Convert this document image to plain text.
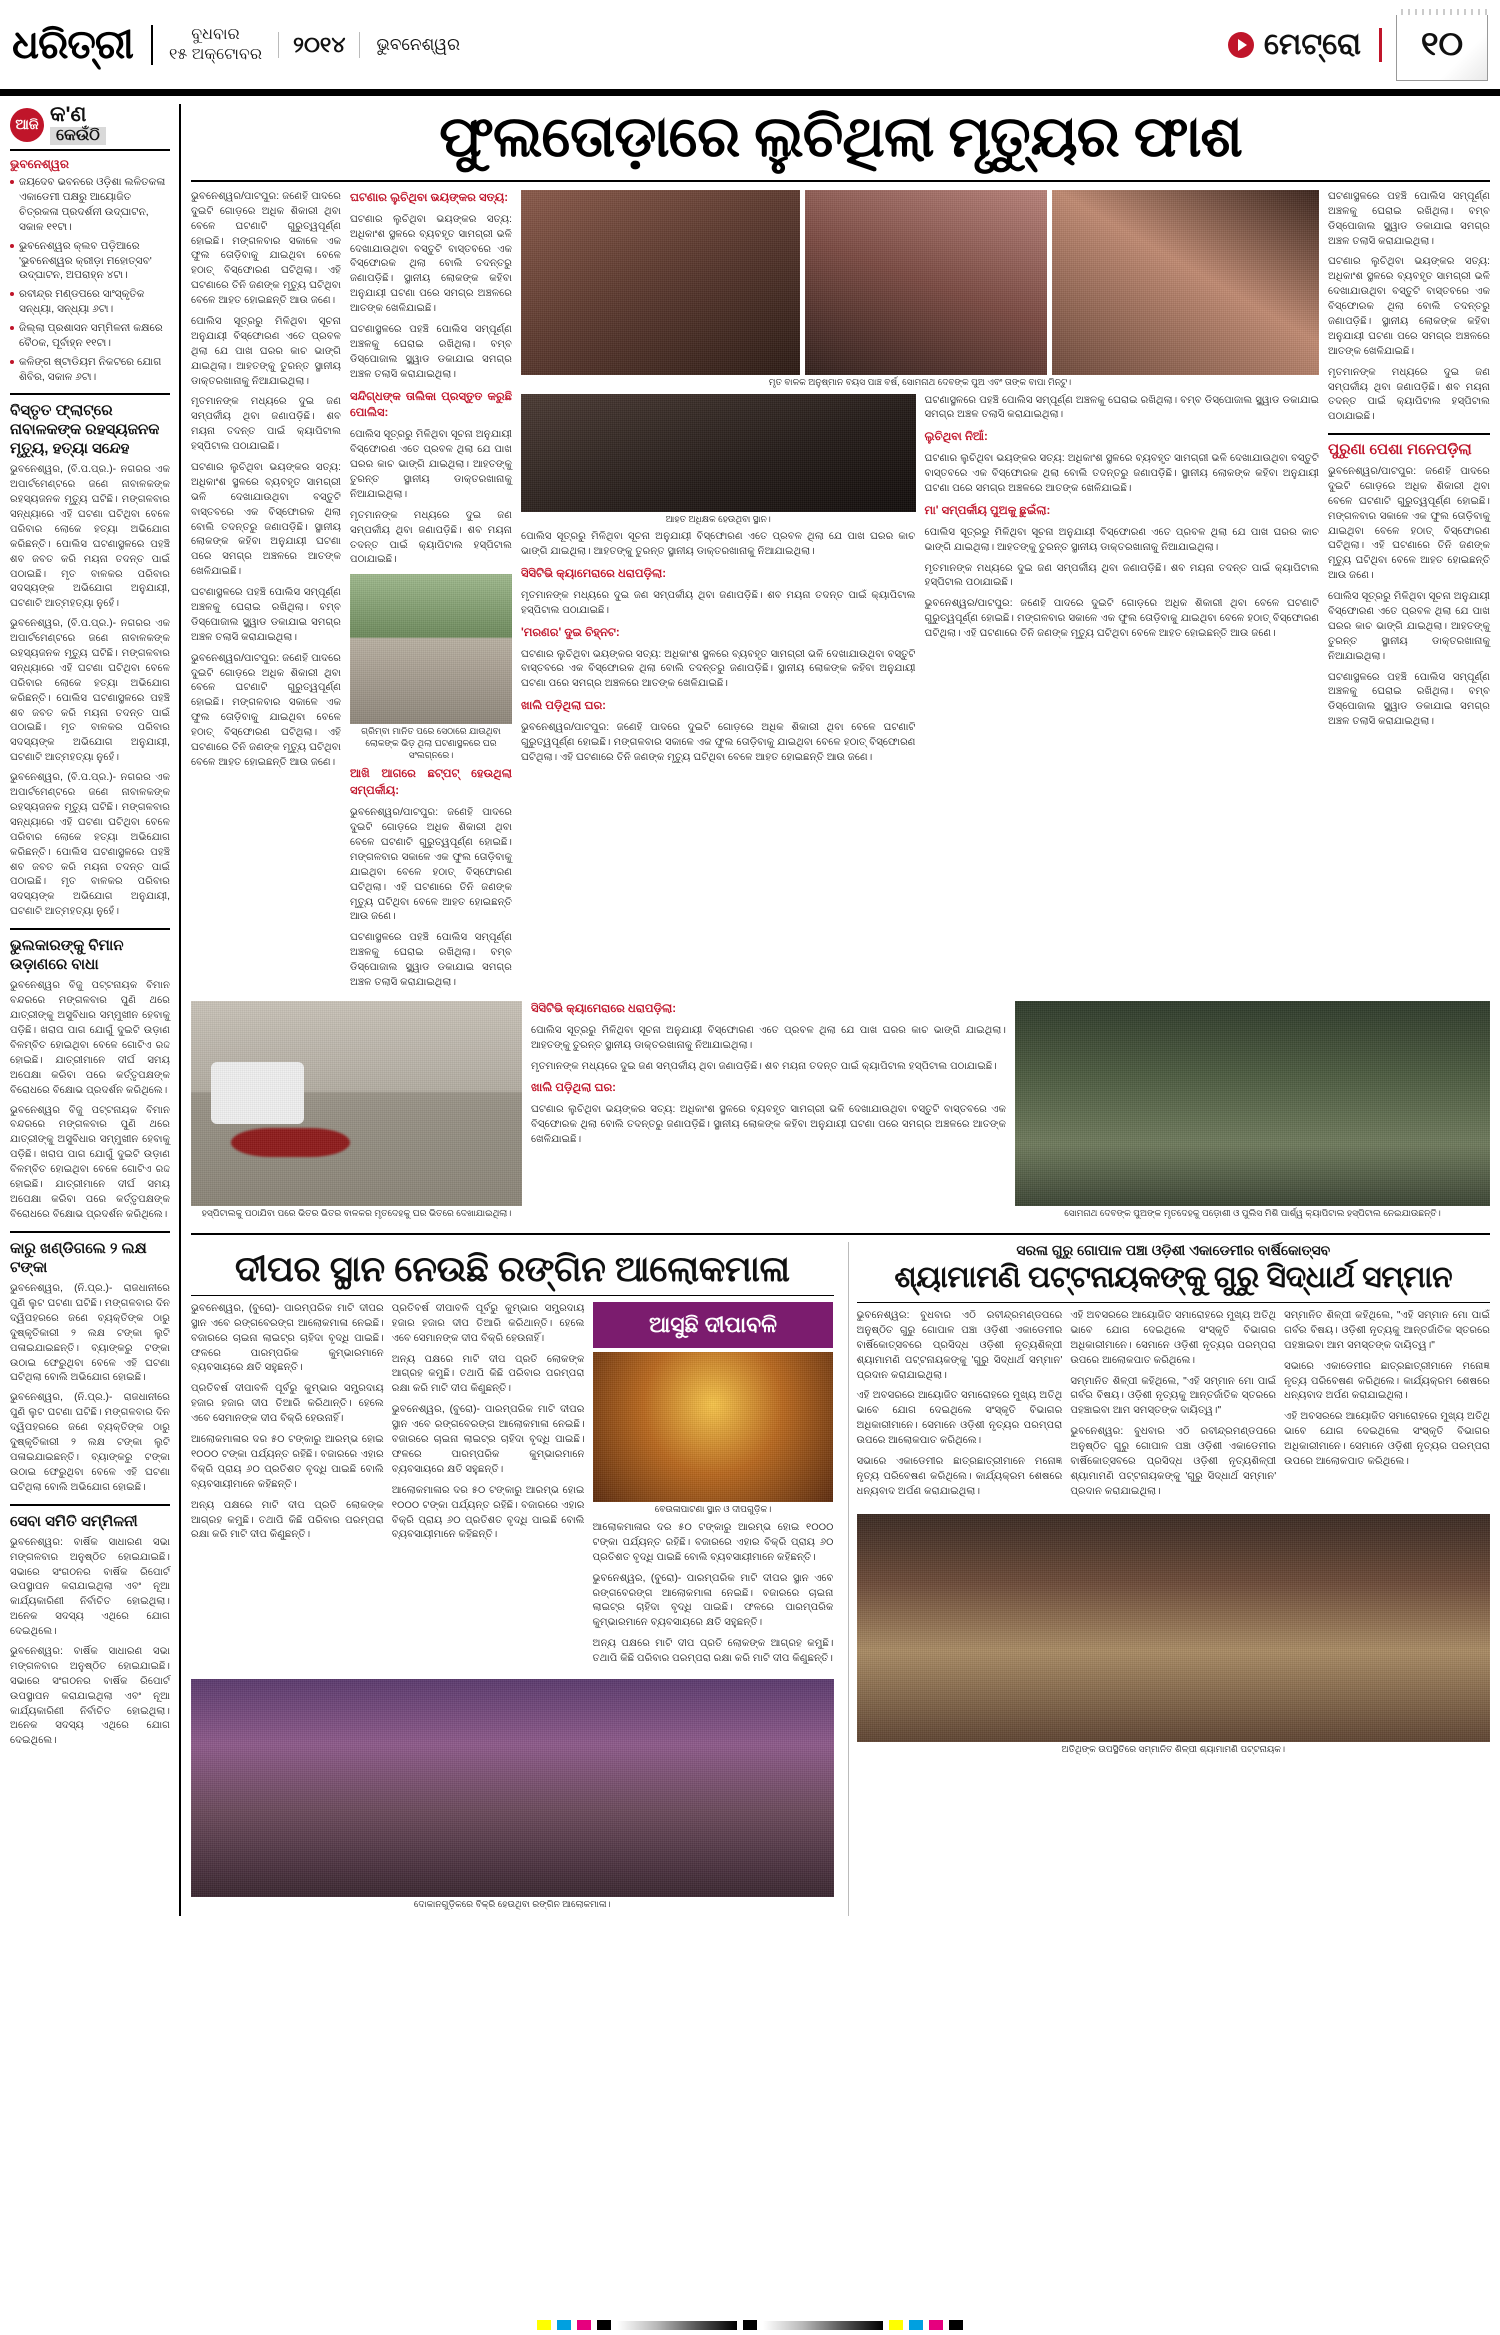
ଧରିତ୍ରୀ	ବୁଧବାର
୧୫ ଅକ୍ଟୋବର	୨୦୧୪	ଭୁବନେଶ୍ୱର	ମେଟ୍ରୋ	୧୦
ଆଜି କ'ଣ
କେଉଁଠି
ଭୁବନେଶ୍ୱର
ଜୟଦେବ ଭବନରେ ଓଡ଼ିଶା ଲଳିତକଳା ଏକାଡେମୀ ପକ୍ଷରୁ ଆୟୋଜିତ ଚିତ୍ରକଳା ପ୍ରଦର୍ଶନୀ ଉଦ୍‌ଘାଟନ, ସକାଳ ୧୧ଟା।
ଭୁବନେଶ୍ୱର କ୍ଲବ ପଡ଼ିଆରେ 'ଭୁବନେଶ୍ୱର କ୍ରୀଡ଼ା ମହୋତ୍ସବ' ଉଦ୍‌ଘାଟନ, ଅପରାହ୍ନ ୪ଟା।
ରବୀନ୍ଦ୍ର ମଣ୍ଡପରେ ସାଂସ୍କୃତିକ ସନ୍ଧ୍ୟା, ସନ୍ଧ୍ୟା ୬ଟା।
ଜିଲ୍ଲା ପ୍ରଶାସନ ସମ୍ମିଳନୀ କକ୍ଷରେ ବୈଠକ, ପୂର୍ବାହ୍ନ ୧୧ଟା।
କଳିଙ୍ଗ ଷ୍ଟାଡିୟମ ନିକଟରେ ଯୋଗ ଶିବିର, ସକାଳ ୬ଟା।
ବିସ୍ତୃତ ଫ୍ଲାଟ୍‌ରେ ନାବାଳକଙ୍କ ରହସ୍ୟଜନକ ମୃତ୍ୟୁ, ହତ୍ୟା ସନ୍ଦେହ

ଭୁବନେଶ୍ୱର, (ବି.ପ.ପ୍ର.)- ନଗରର ଏକ ଅପାର୍ଟମେଣ୍ଟରେ ଜଣେ ନାବାଳକଙ୍କ ରହସ୍ୟଜନକ ମୃତ୍ୟୁ ଘଟିଛି। ମଙ୍ଗଳବାର ସନ୍ଧ୍ୟାରେ ଏହି ଘଟଣା ଘଟିଥିବା ବେଳେ ପରିବାର ଲୋକେ ହତ୍ୟା ଅଭିଯୋଗ କରିଛନ୍ତି। ପୋଲିସ ଘଟଣାସ୍ଥଳରେ ପହଞ୍ଚି ଶବ ଜବତ କରି ମୟନା ତଦନ୍ତ ପାଇଁ ପଠାଇଛି। ମୃତ ବାଳକର ପରିବାର ସଦସ୍ୟଙ୍କ ଅଭିଯୋଗ ଅନୁଯାୟୀ, ଘଟଣାଟି ଆତ୍ମହତ୍ୟା ନୁହେଁ।

ଭୁବନେଶ୍ୱର, (ବି.ପ.ପ୍ର.)- ନଗରର ଏକ ଅପାର୍ଟମେଣ୍ଟରେ ଜଣେ ନାବାଳକଙ୍କ ରହସ୍ୟଜନକ ମୃତ୍ୟୁ ଘଟିଛି। ମଙ୍ଗଳବାର ସନ୍ଧ୍ୟାରେ ଏହି ଘଟଣା ଘଟିଥିବା ବେଳେ ପରିବାର ଲୋକେ ହତ୍ୟା ଅଭିଯୋଗ କରିଛନ୍ତି। ପୋଲିସ ଘଟଣାସ୍ଥଳରେ ପହଞ୍ଚି ଶବ ଜବତ କରି ମୟନା ତଦନ୍ତ ପାଇଁ ପଠାଇଛି। ମୃତ ବାଳକର ପରିବାର ସଦସ୍ୟଙ୍କ ଅଭିଯୋଗ ଅନୁଯାୟୀ, ଘଟଣାଟି ଆତ୍ମହତ୍ୟା ନୁହେଁ।

ଭୁବନେଶ୍ୱର, (ବି.ପ.ପ୍ର.)- ନଗରର ଏକ ଅପାର୍ଟମେଣ୍ଟରେ ଜଣେ ନାବାଳକଙ୍କ ରହସ୍ୟଜନକ ମୃତ୍ୟୁ ଘଟିଛି। ମଙ୍ଗଳବାର ସନ୍ଧ୍ୟାରେ ଏହି ଘଟଣା ଘଟିଥିବା ବେଳେ ପରିବାର ଲୋକେ ହତ୍ୟା ଅଭିଯୋଗ କରିଛନ୍ତି। ପୋଲିସ ଘଟଣାସ୍ଥଳରେ ପହଞ୍ଚି ଶବ ଜବତ କରି ମୟନା ତଦନ୍ତ ପାଇଁ ପଠାଇଛି। ମୃତ ବାଳକର ପରିବାର ସଦସ୍ୟଙ୍କ ଅଭିଯୋଗ ଅନୁଯାୟୀ, ଘଟଣାଟି ଆତ୍ମହତ୍ୟା ନୁହେଁ।

ଭୁଲକାରଙ୍କୁ ବିମାନ ଉଡ଼ାଣରେ ବାଧା

ଭୁବନେଶ୍ୱର ବିଜୁ ପଟ୍ଟନାୟକ ବିମାନ ବନ୍ଦରରେ ମଙ୍ଗଳବାର ପୁଣି ଥରେ ଯାତ୍ରୀଙ୍କୁ ଅସୁବିଧାର ସମ୍ମୁଖୀନ ହେବାକୁ ପଡ଼ିଛି। ଖରାପ ପାଗ ଯୋଗୁଁ ଦୁଇଟି ଉଡ଼ାଣ ବିଳମ୍ବିତ ହୋଇଥିବା ବେଳେ ଗୋଟିଏ ରଦ୍ଦ ହୋଇଛି। ଯାତ୍ରୀମାନେ ଦୀର୍ଘ ସମୟ ଅପେକ୍ଷା କରିବା ପରେ କର୍ତ୍ତୃପକ୍ଷଙ୍କ ବିରୋଧରେ ବିକ୍ଷୋଭ ପ୍ରଦର୍ଶନ କରିଥିଲେ।

ଭୁବନେଶ୍ୱର ବିଜୁ ପଟ୍ଟନାୟକ ବିମାନ ବନ୍ଦରରେ ମଙ୍ଗଳବାର ପୁଣି ଥରେ ଯାତ୍ରୀଙ୍କୁ ଅସୁବିଧାର ସମ୍ମୁଖୀନ ହେବାକୁ ପଡ଼ିଛି। ଖରାପ ପାଗ ଯୋଗୁଁ ଦୁଇଟି ଉଡ଼ାଣ ବିଳମ୍ବିତ ହୋଇଥିବା ବେଳେ ଗୋଟିଏ ରଦ୍ଦ ହୋଇଛି। ଯାତ୍ରୀମାନେ ଦୀର୍ଘ ସମୟ ଅପେକ୍ଷା କରିବା ପରେ କର୍ତ୍ତୃପକ୍ଷଙ୍କ ବିରୋଧରେ ବିକ୍ଷୋଭ ପ୍ରଦର୍ଶନ କରିଥିଲେ।

କାରୁ ଖଣ୍ଡିଗଲେ ୨ ଲକ୍ଷ ଟଙ୍କା

ଭୁବନେଶ୍ୱର, (ନି.ପ୍ର.)- ରାଜଧାନୀରେ ପୁଣି ଲୁଟ ଘଟଣା ଘଟିଛି। ମଙ୍ଗଳବାର ଦିନ ଦ୍ୱିପହରରେ ଜଣେ ବ୍ୟକ୍ତିଙ୍କ ଠାରୁ ଦୁଷ୍କୃତିକାରୀ ୨ ଲକ୍ଷ ଟଙ୍କା ଲୁଟି ପଳାଇଯାଇଛନ୍ତି। ବ୍ୟାଙ୍କରୁ ଟଙ୍କା ଉଠାଇ ଫେରୁଥିବା ବେଳେ ଏହି ଘଟଣା ଘଟିଥିଲା ବୋଲି ଅଭିଯୋଗ ହୋଇଛି।

ଭୁବନେଶ୍ୱର, (ନି.ପ୍ର.)- ରାଜଧାନୀରେ ପୁଣି ଲୁଟ ଘଟଣା ଘଟିଛି। ମଙ୍ଗଳବାର ଦିନ ଦ୍ୱିପହରରେ ଜଣେ ବ୍ୟକ୍ତିଙ୍କ ଠାରୁ ଦୁଷ୍କୃତିକାରୀ ୨ ଲକ୍ଷ ଟଙ୍କା ଲୁଟି ପଳାଇଯାଇଛନ୍ତି। ବ୍ୟାଙ୍କରୁ ଟଙ୍କା ଉଠାଇ ଫେରୁଥିବା ବେଳେ ଏହି ଘଟଣା ଘଟିଥିଲା ବୋଲି ଅଭିଯୋଗ ହୋଇଛି।

ସେବା ସମିତି ସମ୍ମିଳନୀ

ଭୁବନେଶ୍ୱର: ବାର୍ଷିକ ସାଧାରଣ ସଭା ମଙ୍ଗଳବାର ଅନୁଷ୍ଠିତ ହୋଇଯାଇଛି। ସଭାରେ ସଂଗଠନର ବାର୍ଷିକ ରିପୋର୍ଟ ଉପସ୍ଥାପନ କରାଯାଇଥିଲା ଏବଂ ନୂଆ କାର୍ଯ୍ୟକାରିଣୀ ନିର୍ବାଚିତ ହୋଇଥିଲା। ଅନେକ ସଦସ୍ୟ ଏଥିରେ ଯୋଗ ଦେଇଥିଲେ।

ଭୁବନେଶ୍ୱର: ବାର୍ଷିକ ସାଧାରଣ ସଭା ମଙ୍ଗଳବାର ଅନୁଷ୍ଠିତ ହୋଇଯାଇଛି। ସଭାରେ ସଂଗଠନର ବାର୍ଷିକ ରିପୋର୍ଟ ଉପସ୍ଥାପନ କରାଯାଇଥିଲା ଏବଂ ନୂଆ କାର୍ଯ୍ୟକାରିଣୀ ନିର୍ବାଚିତ ହୋଇଥିଲା। ଅନେକ ସଦସ୍ୟ ଏଥିରେ ଯୋଗ ଦେଇଥିଲେ।

ଫୁଲତୋଡ଼ାରେ ଲୁଚିଥିଲା ମୃତ୍ୟୁର ଫାଶ

ଭୁବନେଶ୍ୱର/ପାଟପୁର: ଜଣେହି ପାଦରେ ଦୁଇଟି ଗୋଡ଼ରେ ଅଧିକ ଶିକାରୀ ଥିବା ବେଳେ ଘଟଣାଟି ଗୁରୁତ୍ୱପୂର୍ଣ୍ଣ ହୋଇଛି। ମଙ୍ଗଳବାର ସକାଳେ ଏକ ଫୁଲ ତୋଡ଼ିବାକୁ ଯାଇଥିବା ବେଳେ ହଠାତ୍‌ ବିସ୍ଫୋରଣ ଘଟିଥିଲା। ଏହି ଘଟଣାରେ ତିନି ଜଣଙ୍କ ମୃତ୍ୟୁ ଘଟିଥିବା ବେଳେ ଆହତ ହୋଇଛନ୍ତି ଆଉ ଜଣେ।

ପୋଲିସ ସୂତ୍ରରୁ ମିଳିଥିବା ସୂଚନା ଅନୁଯାୟୀ ବିସ୍ଫୋରଣ ଏତେ ପ୍ରବଳ ଥିଲା ଯେ ପାଖ ଘରର କାଚ ଭାଙ୍ଗି ଯାଇଥିଲା। ଆହତଙ୍କୁ ତୁରନ୍ତ ସ୍ଥାନୀୟ ଡାକ୍ତରଖାନାକୁ ନିଆଯାଇଥିଲା।

ମୃତମାନଙ୍କ ମଧ୍ୟରେ ଦୁଇ ଜଣ ସମ୍ପର୍କୀୟ ଥିବା ଜଣାପଡ଼ିଛି। ଶବ ମୟନା ତଦନ୍ତ ପାଇଁ କ୍ୟାପିଟାଲ ହସ୍ପିଟାଲ ପଠାଯାଇଛି।

ଘଟଣାର ଲୁଚିଥିବା ଭୟଙ୍କର ସତ୍ୟ: ଅଧିକାଂଶ ସ୍ଥଳରେ ବ୍ୟବହୃତ ସାମଗ୍ରୀ ଭଳି ଦେଖାଯାଉଥିବା ବସ୍ତୁଟି ବାସ୍ତବରେ ଏକ ବିସ୍ଫୋରକ ଥିଲା ବୋଲି ତଦନ୍ତରୁ ଜଣାପଡ଼ିଛି। ସ୍ଥାନୀୟ ଲୋକଙ୍କ କହିବା ଅନୁଯାୟୀ ଘଟଣା ପରେ ସମଗ୍ର ଅଞ୍ଚଳରେ ଆତଙ୍କ ଖେଳିଯାଇଛି।

ଘଟଣାସ୍ଥଳରେ ପହଞ୍ଚି ପୋଲିସ ସମ୍ପୂର୍ଣ୍ଣ ଅଞ୍ଚଳକୁ ଘେରାଇ ରଖିଥିଲା। ବମ୍ବ ଡିସ୍‌ପୋଜାଲ ସ୍କ୍ୱାଡ ଡକାଯାଇ ସମଗ୍ର ଅଞ୍ଚଳ ତଲାସି କରାଯାଇଥିଲା।

ଭୁବନେଶ୍ୱର/ପାଟପୁର: ଜଣେହି ପାଦରେ ଦୁଇଟି ଗୋଡ଼ରେ ଅଧିକ ଶିକାରୀ ଥିବା ବେଳେ ଘଟଣାଟି ଗୁରୁତ୍ୱପୂର୍ଣ୍ଣ ହୋଇଛି। ମଙ୍ଗଳବାର ସକାଳେ ଏକ ଫୁଲ ତୋଡ଼ିବାକୁ ଯାଇଥିବା ବେଳେ ହଠାତ୍‌ ବିସ୍ଫୋରଣ ଘଟିଥିଲା। ଏହି ଘଟଣାରେ ତିନି ଜଣଙ୍କ ମୃତ୍ୟୁ ଘଟିଥିବା ବେଳେ ଆହତ ହୋଇଛନ୍ତି ଆଉ ଜଣେ।

ଘଟଣାର ଲୁଚିଥିବା ଭୟଙ୍କର ସତ୍ୟ:

ଘଟଣାର ଲୁଚିଥିବା ଭୟଙ୍କର ସତ୍ୟ: ଅଧିକାଂଶ ସ୍ଥଳରେ ବ୍ୟବହୃତ ସାମଗ୍ରୀ ଭଳି ଦେଖାଯାଉଥିବା ବସ୍ତୁଟି ବାସ୍ତବରେ ଏକ ବିସ୍ଫୋରକ ଥିଲା ବୋଲି ତଦନ୍ତରୁ ଜଣାପଡ଼ିଛି। ସ୍ଥାନୀୟ ଲୋକଙ୍କ କହିବା ଅନୁଯାୟୀ ଘଟଣା ପରେ ସମଗ୍ର ଅଞ୍ଚଳରେ ଆତଙ୍କ ଖେଳିଯାଇଛି।

ଘଟଣାସ୍ଥଳରେ ପହଞ୍ଚି ପୋଲିସ ସମ୍ପୂର୍ଣ୍ଣ ଅଞ୍ଚଳକୁ ଘେରାଇ ରଖିଥିଲା। ବମ୍ବ ଡିସ୍‌ପୋଜାଲ ସ୍କ୍ୱାଡ ଡକାଯାଇ ସମଗ୍ର ଅଞ୍ଚଳ ତଲାସି କରାଯାଇଥିଲା।

ସନ୍ଦିଗ୍ଧଙ୍କ ତାଲିକା ପ୍ରସ୍ତୁତ କରୁଛି ପୋଲିସ:

ପୋଲିସ ସୂତ୍ରରୁ ମିଳିଥିବା ସୂଚନା ଅନୁଯାୟୀ ବିସ୍ଫୋରଣ ଏତେ ପ୍ରବଳ ଥିଲା ଯେ ପାଖ ଘରର କାଚ ଭାଙ୍ଗି ଯାଇଥିଲା। ଆହତଙ୍କୁ ତୁରନ୍ତ ସ୍ଥାନୀୟ ଡାକ୍ତରଖାନାକୁ ନିଆଯାଇଥିଲା।

ମୃତମାନଙ୍କ ମଧ୍ୟରେ ଦୁଇ ଜଣ ସମ୍ପର୍କୀୟ ଥିବା ଜଣାପଡ଼ିଛି। ଶବ ମୟନା ତଦନ୍ତ ପାଇଁ କ୍ୟାପିଟାଲ ହସ୍ପିଟାଲ ପଠାଯାଇଛି।

ଗ୍ରିମ୍ବା ମାନିତ ପରେ ସେଠାରେ ଯାଉଥିବା ଲୋକଙ୍କ ଭିଡ଼ ଥିଲା ଘଟଣାସ୍ଥଳରେ ଘର ସଂଲଗ୍ନରେ।

ଆଖି ଆଗରେ ଛଟ୍‌ପଟ୍ ହେଉଥିଲା ସମ୍ପର୍କୀୟ:

ଭୁବନେଶ୍ୱର/ପାଟପୁର: ଜଣେହି ପାଦରେ ଦୁଇଟି ଗୋଡ଼ରେ ଅଧିକ ଶିକାରୀ ଥିବା ବେଳେ ଘଟଣାଟି ଗୁରୁତ୍ୱପୂର୍ଣ୍ଣ ହୋଇଛି। ମଙ୍ଗଳବାର ସକାଳେ ଏକ ଫୁଲ ତୋଡ଼ିବାକୁ ଯାଇଥିବା ବେଳେ ହଠାତ୍‌ ବିସ୍ଫୋରଣ ଘଟିଥିଲା। ଏହି ଘଟଣାରେ ତିନି ଜଣଙ୍କ ମୃତ୍ୟୁ ଘଟିଥିବା ବେଳେ ଆହତ ହୋଇଛନ୍ତି ଆଉ ଜଣେ।

ଘଟଣାସ୍ଥଳରେ ପହଞ୍ଚି ପୋଲିସ ସମ୍ପୂର୍ଣ୍ଣ ଅଞ୍ଚଳକୁ ଘେରାଇ ରଖିଥିଲା। ବମ୍ବ ଡିସ୍‌ପୋଜାଲ ସ୍କ୍ୱାଡ ଡକାଯାଇ ସମଗ୍ର ଅଞ୍ଚଳ ତଲାସି କରାଯାଇଥିଲା।

ମୃତ ବାଳକ ଅନୁଷ୍ମାନ ବୟସ ପାଞ୍ଚ ବର୍ଷ, ସୋମନାଥ ଦେବଙ୍କ ପୁଅ ଏବଂ ତାଙ୍କ ବାପା ମିନ୍ଟୁ।
ଆହତ ଅଧିକ୍ଷକ ହେଉଥିବା ସ୍ଥାନ।

ପୋଲିସ ସୂତ୍ରରୁ ମିଳିଥିବା ସୂଚନା ଅନୁଯାୟୀ ବିସ୍ଫୋରଣ ଏତେ ପ୍ରବଳ ଥିଲା ଯେ ପାଖ ଘରର କାଚ ଭାଙ୍ଗି ଯାଇଥିଲା। ଆହତଙ୍କୁ ତୁରନ୍ତ ସ୍ଥାନୀୟ ଡାକ୍ତରଖାନାକୁ ନିଆଯାଇଥିଲା।

ସିସିଟିଭି କ୍ୟାମେରାରେ ଧରାପଡ଼ିଲା:

ମୃତମାନଙ୍କ ମଧ୍ୟରେ ଦୁଇ ଜଣ ସମ୍ପର୍କୀୟ ଥିବା ଜଣାପଡ଼ିଛି। ଶବ ମୟନା ତଦନ୍ତ ପାଇଁ କ୍ୟାପିଟାଲ ହସ୍ପିଟାଲ ପଠାଯାଇଛି।

'ମରଣର' ଦୁଇ ଚିହ୍ନଟ:

ଘଟଣାର ଲୁଚିଥିବା ଭୟଙ୍କର ସତ୍ୟ: ଅଧିକାଂଶ ସ୍ଥଳରେ ବ୍ୟବହୃତ ସାମଗ୍ରୀ ଭଳି ଦେଖାଯାଉଥିବା ବସ୍ତୁଟି ବାସ୍ତବରେ ଏକ ବିସ୍ଫୋରକ ଥିଲା ବୋଲି ତଦନ୍ତରୁ ଜଣାପଡ଼ିଛି। ସ୍ଥାନୀୟ ଲୋକଙ୍କ କହିବା ଅନୁଯାୟୀ ଘଟଣା ପରେ ସମଗ୍ର ଅଞ୍ଚଳରେ ଆତଙ୍କ ଖେଳିଯାଇଛି।

ଖାଲି ପଡ଼ିଥିଲା ଘର:

ଭୁବନେଶ୍ୱର/ପାଟପୁର: ଜଣେହି ପାଦରେ ଦୁଇଟି ଗୋଡ଼ରେ ଅଧିକ ଶିକାରୀ ଥିବା ବେଳେ ଘଟଣାଟି ଗୁରୁତ୍ୱପୂର୍ଣ୍ଣ ହୋଇଛି। ମଙ୍ଗଳବାର ସକାଳେ ଏକ ଫୁଲ ତୋଡ଼ିବାକୁ ଯାଇଥିବା ବେଳେ ହଠାତ୍‌ ବିସ୍ଫୋରଣ ଘଟିଥିଲା। ଏହି ଘଟଣାରେ ତିନି ଜଣଙ୍କ ମୃତ୍ୟୁ ଘଟିଥିବା ବେଳେ ଆହତ ହୋଇଛନ୍ତି ଆଉ ଜଣେ।

ଘଟଣାସ୍ଥଳରେ ପହଞ୍ଚି ପୋଲିସ ସମ୍ପୂର୍ଣ୍ଣ ଅଞ୍ଚଳକୁ ଘେରାଇ ରଖିଥିଲା। ବମ୍ବ ଡିସ୍‌ପୋଜାଲ ସ୍କ୍ୱାଡ ଡକାଯାଇ ସମଗ୍ର ଅଞ୍ଚଳ ତଲାସି କରାଯାଇଥିଲା।

ଲୁଚିଥିବା ନିଆଁ:

ଘଟଣାର ଲୁଚିଥିବା ଭୟଙ୍କର ସତ୍ୟ: ଅଧିକାଂଶ ସ୍ଥଳରେ ବ୍ୟବହୃତ ସାମଗ୍ରୀ ଭଳି ଦେଖାଯାଉଥିବା ବସ୍ତୁଟି ବାସ୍ତବରେ ଏକ ବିସ୍ଫୋରକ ଥିଲା ବୋଲି ତଦନ୍ତରୁ ଜଣାପଡ଼ିଛି। ସ୍ଥାନୀୟ ଲୋକଙ୍କ କହିବା ଅନୁଯାୟୀ ଘଟଣା ପରେ ସମଗ୍ର ଅଞ୍ଚଳରେ ଆତଙ୍କ ଖେଳିଯାଇଛି।

ମା' ସମ୍ପର୍କୀୟ ପୁଅକୁ ଛୁଇଁଲା:

ପୋଲିସ ସୂତ୍ରରୁ ମିଳିଥିବା ସୂଚନା ଅନୁଯାୟୀ ବିସ୍ଫୋରଣ ଏତେ ପ୍ରବଳ ଥିଲା ଯେ ପାଖ ଘରର କାଚ ଭାଙ୍ଗି ଯାଇଥିଲା। ଆହତଙ୍କୁ ତୁରନ୍ତ ସ୍ଥାନୀୟ ଡାକ୍ତରଖାନାକୁ ନିଆଯାଇଥିଲା।

ମୃତମାନଙ୍କ ମଧ୍ୟରେ ଦୁଇ ଜଣ ସମ୍ପର୍କୀୟ ଥିବା ଜଣାପଡ଼ିଛି। ଶବ ମୟନା ତଦନ୍ତ ପାଇଁ କ୍ୟାପିଟାଲ ହସ୍ପିଟାଲ ପଠାଯାଇଛି।

ଭୁବନେଶ୍ୱର/ପାଟପୁର: ଜଣେହି ପାଦରେ ଦୁଇଟି ଗୋଡ଼ରେ ଅଧିକ ଶିକାରୀ ଥିବା ବେଳେ ଘଟଣାଟି ଗୁରୁତ୍ୱପୂର୍ଣ୍ଣ ହୋଇଛି। ମଙ୍ଗଳବାର ସକାଳେ ଏକ ଫୁଲ ତୋଡ଼ିବାକୁ ଯାଇଥିବା ବେଳେ ହଠାତ୍‌ ବିସ୍ଫୋରଣ ଘଟିଥିଲା। ଏହି ଘଟଣାରେ ତିନି ଜଣଙ୍କ ମୃତ୍ୟୁ ଘଟିଥିବା ବେଳେ ଆହତ ହୋଇଛନ୍ତି ଆଉ ଜଣେ।

ଘଟଣାସ୍ଥଳରେ ପହଞ୍ଚି ପୋଲିସ ସମ୍ପୂର୍ଣ୍ଣ ଅଞ୍ଚଳକୁ ଘେରାଇ ରଖିଥିଲା। ବମ୍ବ ଡିସ୍‌ପୋଜାଲ ସ୍କ୍ୱାଡ ଡକାଯାଇ ସମଗ୍ର ଅଞ୍ଚଳ ତଲାସି କରାଯାଇଥିଲା।

ଘଟଣାର ଲୁଚିଥିବା ଭୟଙ୍କର ସତ୍ୟ: ଅଧିକାଂଶ ସ୍ଥଳରେ ବ୍ୟବହୃତ ସାମଗ୍ରୀ ଭଳି ଦେଖାଯାଉଥିବା ବସ୍ତୁଟି ବାସ୍ତବରେ ଏକ ବିସ୍ଫୋରକ ଥିଲା ବୋଲି ତଦନ୍ତରୁ ଜଣାପଡ଼ିଛି। ସ୍ଥାନୀୟ ଲୋକଙ୍କ କହିବା ଅନୁଯାୟୀ ଘଟଣା ପରେ ସମଗ୍ର ଅଞ୍ଚଳରେ ଆତଙ୍କ ଖେଳିଯାଇଛି।

ମୃତମାନଙ୍କ ମଧ୍ୟରେ ଦୁଇ ଜଣ ସମ୍ପର୍କୀୟ ଥିବା ଜଣାପଡ଼ିଛି। ଶବ ମୟନା ତଦନ୍ତ ପାଇଁ କ୍ୟାପିଟାଲ ହସ୍ପିଟାଲ ପଠାଯାଇଛି।

ପୁରୁଣା ପେଶା ମନେପଡ଼ିଲା

ଭୁବନେଶ୍ୱର/ପାଟପୁର: ଜଣେହି ପାଦରେ ଦୁଇଟି ଗୋଡ଼ରେ ଅଧିକ ଶିକାରୀ ଥିବା ବେଳେ ଘଟଣାଟି ଗୁରୁତ୍ୱପୂର୍ଣ୍ଣ ହୋଇଛି। ମଙ୍ଗଳବାର ସକାଳେ ଏକ ଫୁଲ ତୋଡ଼ିବାକୁ ଯାଇଥିବା ବେଳେ ହଠାତ୍‌ ବିସ୍ଫୋରଣ ଘଟିଥିଲା। ଏହି ଘଟଣାରେ ତିନି ଜଣଙ୍କ ମୃତ୍ୟୁ ଘଟିଥିବା ବେଳେ ଆହତ ହୋଇଛନ୍ତି ଆଉ ଜଣେ।

ପୋଲିସ ସୂତ୍ରରୁ ମିଳିଥିବା ସୂଚନା ଅନୁଯାୟୀ ବିସ୍ଫୋରଣ ଏତେ ପ୍ରବଳ ଥିଲା ଯେ ପାଖ ଘରର କାଚ ଭାଙ୍ଗି ଯାଇଥିଲା। ଆହତଙ୍କୁ ତୁରନ୍ତ ସ୍ଥାନୀୟ ଡାକ୍ତରଖାନାକୁ ନିଆଯାଇଥିଲା।

ଘଟଣାସ୍ଥଳରେ ପହଞ୍ଚି ପୋଲିସ ସମ୍ପୂର୍ଣ୍ଣ ଅଞ୍ଚଳକୁ ଘେରାଇ ରଖିଥିଲା। ବମ୍ବ ଡିସ୍‌ପୋଜାଲ ସ୍କ୍ୱାଡ ଡକାଯାଇ ସମଗ୍ର ଅଞ୍ଚଳ ତଲାସି କରାଯାଇଥିଲା।

ହସ୍ପିଟାଲକୁ ପଠାଯିବା ପରେ ଭିତର ଭିତର ବାଳକର ମୃତଦେହକୁ ଘର ଭିତରେ ଦେଖାଯାଇଥିଲା।

ସିସିଟିଭି କ୍ୟାମେରାରେ ଧରାପଡ଼ିଲା:

ପୋଲିସ ସୂତ୍ରରୁ ମିଳିଥିବା ସୂଚନା ଅନୁଯାୟୀ ବିସ୍ଫୋରଣ ଏତେ ପ୍ରବଳ ଥିଲା ଯେ ପାଖ ଘରର କାଚ ଭାଙ୍ଗି ଯାଇଥିଲା। ଆହତଙ୍କୁ ତୁରନ୍ତ ସ୍ଥାନୀୟ ଡାକ୍ତରଖାନାକୁ ନିଆଯାଇଥିଲା।

ମୃତମାନଙ୍କ ମଧ୍ୟରେ ଦୁଇ ଜଣ ସମ୍ପର୍କୀୟ ଥିବା ଜଣାପଡ଼ିଛି। ଶବ ମୟନା ତଦନ୍ତ ପାଇଁ କ୍ୟାପିଟାଲ ହସ୍ପିଟାଲ ପଠାଯାଇଛି।

ଖାଲି ପଡ଼ିଥିଲା ଘର:

ଘଟଣାର ଲୁଚିଥିବା ଭୟଙ୍କର ସତ୍ୟ: ଅଧିକାଂଶ ସ୍ଥଳରେ ବ୍ୟବହୃତ ସାମଗ୍ରୀ ଭଳି ଦେଖାଯାଉଥିବା ବସ୍ତୁଟି ବାସ୍ତବରେ ଏକ ବିସ୍ଫୋରକ ଥିଲା ବୋଲି ତଦନ୍ତରୁ ଜଣାପଡ଼ିଛି। ସ୍ଥାନୀୟ ଲୋକଙ୍କ କହିବା ଅନୁଯାୟୀ ଘଟଣା ପରେ ସମଗ୍ର ଅଞ୍ଚଳରେ ଆତଙ୍କ ଖେଳିଯାଇଛି।

ସୋମନାଥ ଦେବଙ୍କ ପୁଅଙ୍କ ମୃତଦେହକୁ ପଡ଼ୋଶୀ ଓ ପୁଲିସ ମିଶି ପାର୍ଶ୍ୱ କ୍ୟାପିଟାଲ ହସ୍ପିଟାଲ ନେଇଯାଉଛନ୍ତି।
ଦୀପର ସ୍ଥାନ ନେଉଛି ରଙ୍ଗିନ ଆଲୋକମାଳା

ଭୁବନେଶ୍ୱର, (ବୁରୋ)- ପାରମ୍ପରିକ ମାଟି ଦୀପର ସ୍ଥାନ ଏବେ ରଙ୍ଗବେରଙ୍ଗ ଆଲୋକମାଳା ନେଇଛି। ବଜାରରେ ଚାଇନା ଲାଇଟ୍‌ର ଚାହିଦା ବୃଦ୍ଧି ପାଇଛି। ଫଳରେ ପାରମ୍ପରିକ କୁମ୍ଭାରମାନେ ବ୍ୟବସାୟରେ କ୍ଷତି ସହୁଛନ୍ତି।

ପ୍ରତିବର୍ଷ ଦୀପାବଳି ପୂର୍ବରୁ କୁମ୍ଭାର ସମ୍ପ୍ରଦାୟ ହଜାର ହଜାର ଦୀପ ତିଆରି କରିଥାନ୍ତି। ହେଲେ ଏବେ ସେମାନଙ୍କ ଦୀପ ବିକ୍ରି ହେଉନାହିଁ।

ଆଲୋକମାଳାର ଦର ୫୦ ଟଙ୍କାରୁ ଆରମ୍ଭ ହୋଇ ୧୦୦୦ ଟଙ୍କା ପର୍ଯ୍ୟନ୍ତ ରହିଛି। ବଜାରରେ ଏହାର ବିକ୍ରି ପ୍ରାୟ ୬୦ ପ୍ରତିଶତ ବୃଦ୍ଧି ପାଇଛି ବୋଲି ବ୍ୟବସାୟୀମାନେ କହିଛନ୍ତି।

ଅନ୍ୟ ପକ୍ଷରେ ମାଟି ଦୀପ ପ୍ରତି ଲୋକଙ୍କ ଆଗ୍ରହ କମୁଛି। ତଥାପି କିଛି ପରିବାର ପରମ୍ପରା ରକ୍ଷା କରି ମାଟି ଦୀପ କିଣୁଛନ୍ତି।

ପ୍ରତିବର୍ଷ ଦୀପାବଳି ପୂର୍ବରୁ କୁମ୍ଭାର ସମ୍ପ୍ରଦାୟ ହଜାର ହଜାର ଦୀପ ତିଆରି କରିଥାନ୍ତି। ହେଲେ ଏବେ ସେମାନଙ୍କ ଦୀପ ବିକ୍ରି ହେଉନାହିଁ।

ଅନ୍ୟ ପକ୍ଷରେ ମାଟି ଦୀପ ପ୍ରତି ଲୋକଙ୍କ ଆଗ୍ରହ କମୁଛି। ତଥାପି କିଛି ପରିବାର ପରମ୍ପରା ରକ୍ଷା କରି ମାଟି ଦୀପ କିଣୁଛନ୍ତି।

ଭୁବନେଶ୍ୱର, (ବୁରୋ)- ପାରମ୍ପରିକ ମାଟି ଦୀପର ସ୍ଥାନ ଏବେ ରଙ୍ଗବେରଙ୍ଗ ଆଲୋକମାଳା ନେଇଛି। ବଜାରରେ ଚାଇନା ଲାଇଟ୍‌ର ଚାହିଦା ବୃଦ୍ଧି ପାଇଛି। ଫଳରେ ପାରମ୍ପରିକ କୁମ୍ଭାରମାନେ ବ୍ୟବସାୟରେ କ୍ଷତି ସହୁଛନ୍ତି।

ଆଲୋକମାଳାର ଦର ୫୦ ଟଙ୍କାରୁ ଆରମ୍ଭ ହୋଇ ୧୦୦୦ ଟଙ୍କା ପର୍ଯ୍ୟନ୍ତ ରହିଛି। ବଜାରରେ ଏହାର ବିକ୍ରି ପ୍ରାୟ ୬୦ ପ୍ରତିଶତ ବୃଦ୍ଧି ପାଇଛି ବୋଲି ବ୍ୟବସାୟୀମାନେ କହିଛନ୍ତି।

ଆସୁଛି ଦୀପାବଳି
ବେଉଳାପାଟଣା ସ୍ଥାନ ଓ ଦୀପଗୁଡ଼ିକ।

ଆଲୋକମାଳାର ଦର ୫୦ ଟଙ୍କାରୁ ଆରମ୍ଭ ହୋଇ ୧୦୦୦ ଟଙ୍କା ପର୍ଯ୍ୟନ୍ତ ରହିଛି। ବଜାରରେ ଏହାର ବିକ୍ରି ପ୍ରାୟ ୬୦ ପ୍ରତିଶତ ବୃଦ୍ଧି ପାଇଛି ବୋଲି ବ୍ୟବସାୟୀମାନେ କହିଛନ୍ତି।

ଭୁବନେଶ୍ୱର, (ବୁରୋ)- ପାରମ୍ପରିକ ମାଟି ଦୀପର ସ୍ଥାନ ଏବେ ରଙ୍ଗବେରଙ୍ଗ ଆଲୋକମାଳା ନେଇଛି। ବଜାରରେ ଚାଇନା ଲାଇଟ୍‌ର ଚାହିଦା ବୃଦ୍ଧି ପାଇଛି। ଫଳରେ ପାରମ୍ପରିକ କୁମ୍ଭାରମାନେ ବ୍ୟବସାୟରେ କ୍ଷତି ସହୁଛନ୍ତି।

ଅନ୍ୟ ପକ୍ଷରେ ମାଟି ଦୀପ ପ୍ରତି ଲୋକଙ୍କ ଆଗ୍ରହ କମୁଛି। ତଥାପି କିଛି ପରିବାର ପରମ୍ପରା ରକ୍ଷା କରି ମାଟି ଦୀପ କିଣୁଛନ୍ତି।

ଦୋକାନଗୁଡ଼ିକରେ ବିକ୍ରି ହେଉଥିବା ରଙ୍ଗିନ ଆଲୋକମାଳା।
ସରଳା ଗୁରୁ ଗୋପାଳ ପଞ୍ଚା ଓଡ଼ିଶୀ ଏକାଡେମୀର ବାର୍ଷିକୋତ୍ସବ
ଶ୍ୟାମାମଣି ପଟ୍ଟନାୟକଙ୍କୁ ଗୁରୁ ସିଦ୍ଧାର୍ଥ ସମ୍ମାନ

ଭୁବନେଶ୍ୱର: ବୁଧବାର ଏଠି ରବୀନ୍ଦ୍ରମଣ୍ଡପରେ ଅନୁଷ୍ଠିତ ଗୁରୁ ଗୋପାଳ ପଞ୍ଚା ଓଡ଼ିଶୀ ଏକାଡେମୀର ବାର୍ଷିକୋତ୍ସବରେ ପ୍ରସିଦ୍ଧ ଓଡ଼ିଶୀ ନୃତ୍ୟଶିଳ୍ପୀ ଶ୍ୟାମାମଣି ପଟ୍ଟନାୟକଙ୍କୁ 'ଗୁରୁ ସିଦ୍ଧାର୍ଥ ସମ୍ମାନ' ପ୍ରଦାନ କରାଯାଇଥିଲା।

ଏହି ଅବସରରେ ଆୟୋଜିତ ସମାରୋହରେ ମୁଖ୍ୟ ଅତିଥି ଭାବେ ଯୋଗ ଦେଇଥିଲେ ସଂସ୍କୃତି ବିଭାଗର ଅଧିକାରୀମାନେ। ସେମାନେ ଓଡ଼ିଶୀ ନୃତ୍ୟର ପରମ୍ପରା ଉପରେ ଆଲୋକପାତ କରିଥିଲେ।

ସଭାରେ ଏକାଡେମୀର ଛାତ୍ରଛାତ୍ରୀମାନେ ମନୋଜ୍ଞ ନୃତ୍ୟ ପରିବେଷଣ କରିଥିଲେ। କାର୍ଯ୍ୟକ୍ରମ ଶେଷରେ ଧନ୍ୟବାଦ ଅର୍ପଣ କରାଯାଇଥିଲା।

ଏହି ଅବସରରେ ଆୟୋଜିତ ସମାରୋହରେ ମୁଖ୍ୟ ଅତିଥି ଭାବେ ଯୋଗ ଦେଇଥିଲେ ସଂସ୍କୃତି ବିଭାଗର ଅଧିକାରୀମାନେ। ସେମାନେ ଓଡ଼ିଶୀ ନୃତ୍ୟର ପରମ୍ପରା ଉପରେ ଆଲୋକପାତ କରିଥିଲେ।

ସମ୍ମାନିତ ଶିଳ୍ପୀ କହିଥିଲେ, "ଏହି ସମ୍ମାନ ମୋ ପାଇଁ ଗର୍ବର ବିଷୟ। ଓଡ଼ିଶୀ ନୃତ୍ୟକୁ ଆନ୍ତର୍ଜାତିକ ସ୍ତରରେ ପହଞ୍ଚାଇବା ଆମ ସମସ୍ତଙ୍କ ଦାୟିତ୍ୱ।"

ଭୁବନେଶ୍ୱର: ବୁଧବାର ଏଠି ରବୀନ୍ଦ୍ରମଣ୍ଡପରେ ଅନୁଷ୍ଠିତ ଗୁରୁ ଗୋପାଳ ପଞ୍ଚା ଓଡ଼ିଶୀ ଏକାଡେମୀର ବାର୍ଷିକୋତ୍ସବରେ ପ୍ରସିଦ୍ଧ ଓଡ଼ିଶୀ ନୃତ୍ୟଶିଳ୍ପୀ ଶ୍ୟାମାମଣି ପଟ୍ଟନାୟକଙ୍କୁ 'ଗୁରୁ ସିଦ୍ଧାର୍ଥ ସମ୍ମାନ' ପ୍ରଦାନ କରାଯାଇଥିଲା।

ସମ୍ମାନିତ ଶିଳ୍ପୀ କହିଥିଲେ, "ଏହି ସମ୍ମାନ ମୋ ପାଇଁ ଗର୍ବର ବିଷୟ। ଓଡ଼ିଶୀ ନୃତ୍ୟକୁ ଆନ୍ତର୍ଜାତିକ ସ୍ତରରେ ପହଞ୍ଚାଇବା ଆମ ସମସ୍ତଙ୍କ ଦାୟିତ୍ୱ।"

ସଭାରେ ଏକାଡେମୀର ଛାତ୍ରଛାତ୍ରୀମାନେ ମନୋଜ୍ଞ ନୃତ୍ୟ ପରିବେଷଣ କରିଥିଲେ। କାର୍ଯ୍ୟକ୍ରମ ଶେଷରେ ଧନ୍ୟବାଦ ଅର୍ପଣ କରାଯାଇଥିଲା।

ଏହି ଅବସରରେ ଆୟୋଜିତ ସମାରୋହରେ ମୁଖ୍ୟ ଅତିଥି ଭାବେ ଯୋଗ ଦେଇଥିଲେ ସଂସ୍କୃତି ବିଭାଗର ଅଧିକାରୀମାନେ। ସେମାନେ ଓଡ଼ିଶୀ ନୃତ୍ୟର ପରମ୍ପରା ଉପରେ ଆଲୋକପାତ କରିଥିଲେ।

ଅତିଥିଙ୍କ ଉପସ୍ଥିତିରେ ସମ୍ମାନିତ ଶିଳ୍ପୀ ଶ୍ୟାମାମଣି ପଟ୍ଟନାୟକ।
